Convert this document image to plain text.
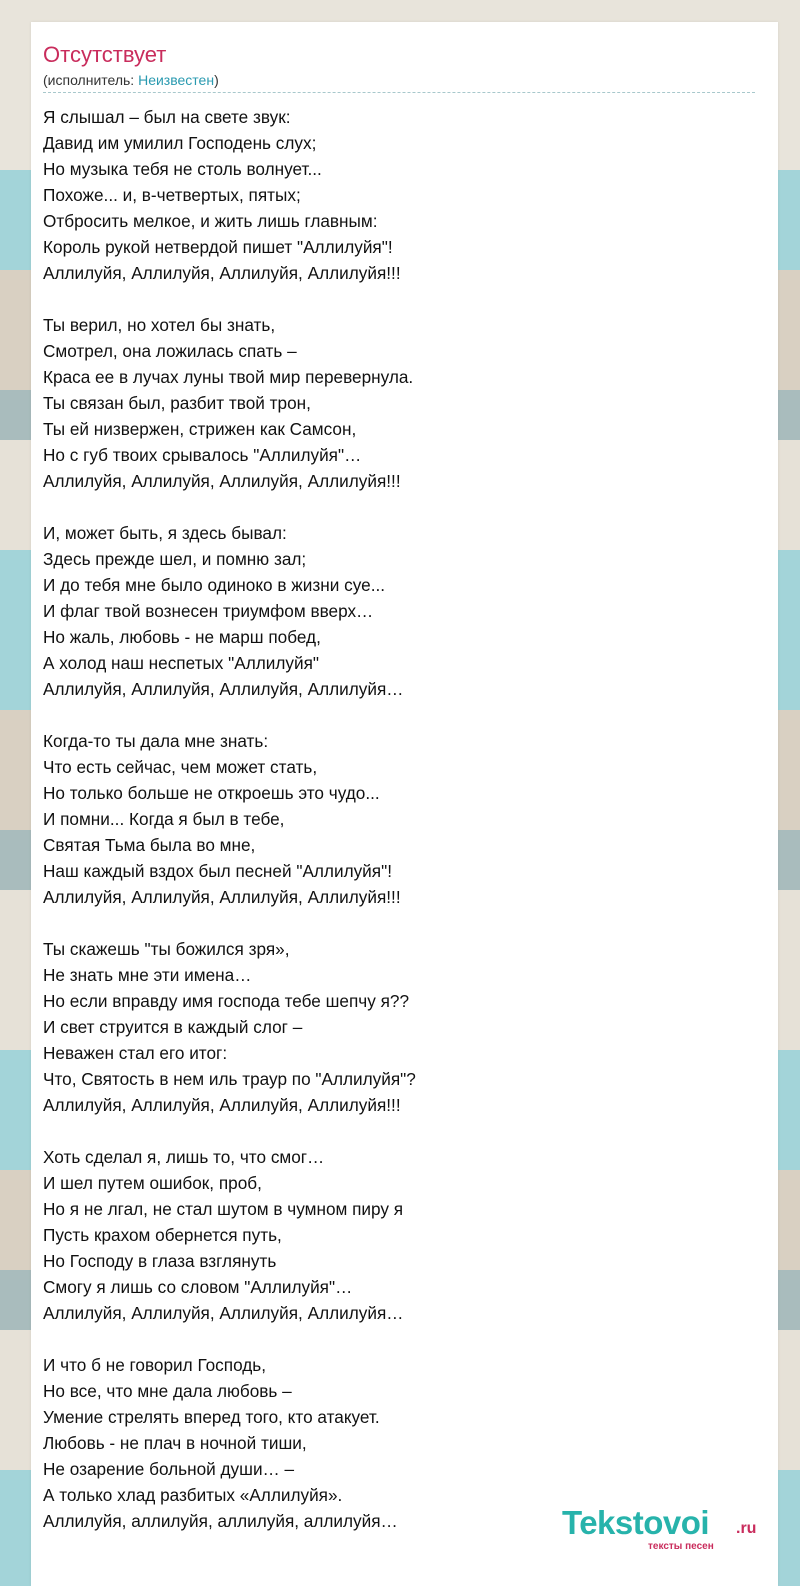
Отсутствует
(исполнитель: Неизвестен)
Я слышал – был на свете звук:
Давид им умилил Господень слух;
Но музыка тебя не столь волнует...
Похоже... и, в-четвертых, пятых;
Отбросить мелкое, и жить лишь главным:
Король рукой нетвердой пишет "Аллилуйя"!
Аллилуйя, Аллилуйя, Аллилуйя, Аллилуйя!!!
Ты верил, но хотел бы знать,
Смотрел, она ложилась спать –
Краса ее в лучах луны твой мир перевернула.
Ты связан был, разбит твой трон,
Ты ей низвержен, стрижен как Самсон,
Но с губ твоих срывалось "Аллилуйя"…
Аллилуйя, Аллилуйя, Аллилуйя, Аллилуйя!!!
И, может быть, я здесь бывал:
Здесь прежде шел, и помню зал;
И до тебя мне было одиноко в жизни суе...
И флаг твой вознесен триумфом вверх…
Но жаль, любовь - не марш побед,
А холод наш неспетых "Аллилуйя"
Аллилуйя, Аллилуйя, Аллилуйя, Аллилуйя…
Когда-то ты дала мне знать:
Что есть сейчас, чем может стать,
Но только больше не откроешь это чудо...
И помни... Когда я был в тебе,
Святая Тьма была во мне,
Наш каждый вздох был песней "Аллилуйя"!
Аллилуйя, Аллилуйя, Аллилуйя, Аллилуйя!!!
Ты скажешь "ты божился зря»,
Не знать мне эти имена…
Но если вправду имя господа тебе шепчу я??
И свет струится в каждый слог –
Неважен стал его итог:
Что, Святость в нем иль траур по "Аллилуйя"?
Аллилуйя, Аллилуйя, Аллилуйя, Аллилуйя!!!
Хоть сделал я, лишь то, что смог…
И шел путем ошибок, проб,
Но я не лгал, не стал шутом в чумном пиру я
Пусть крахом обернется путь,
Но Господу в глаза взглянуть
Смогу я лишь со словом "Аллилуйя"…
Аллилуйя, Аллилуйя, Аллилуйя, Аллилуйя…
И что б не говорил Господь,
Но все, что мне дала любовь –
Умение стрелять вперед того, кто атакует.
Любовь - не плач в ночной тиши,
Не озарение больной души… –
А только хлад разбитых «Аллилуйя».
Аллилуйя, аллилуйя, аллилуйя, аллилуйя…	Tekstovoi .ru
тексты песен
